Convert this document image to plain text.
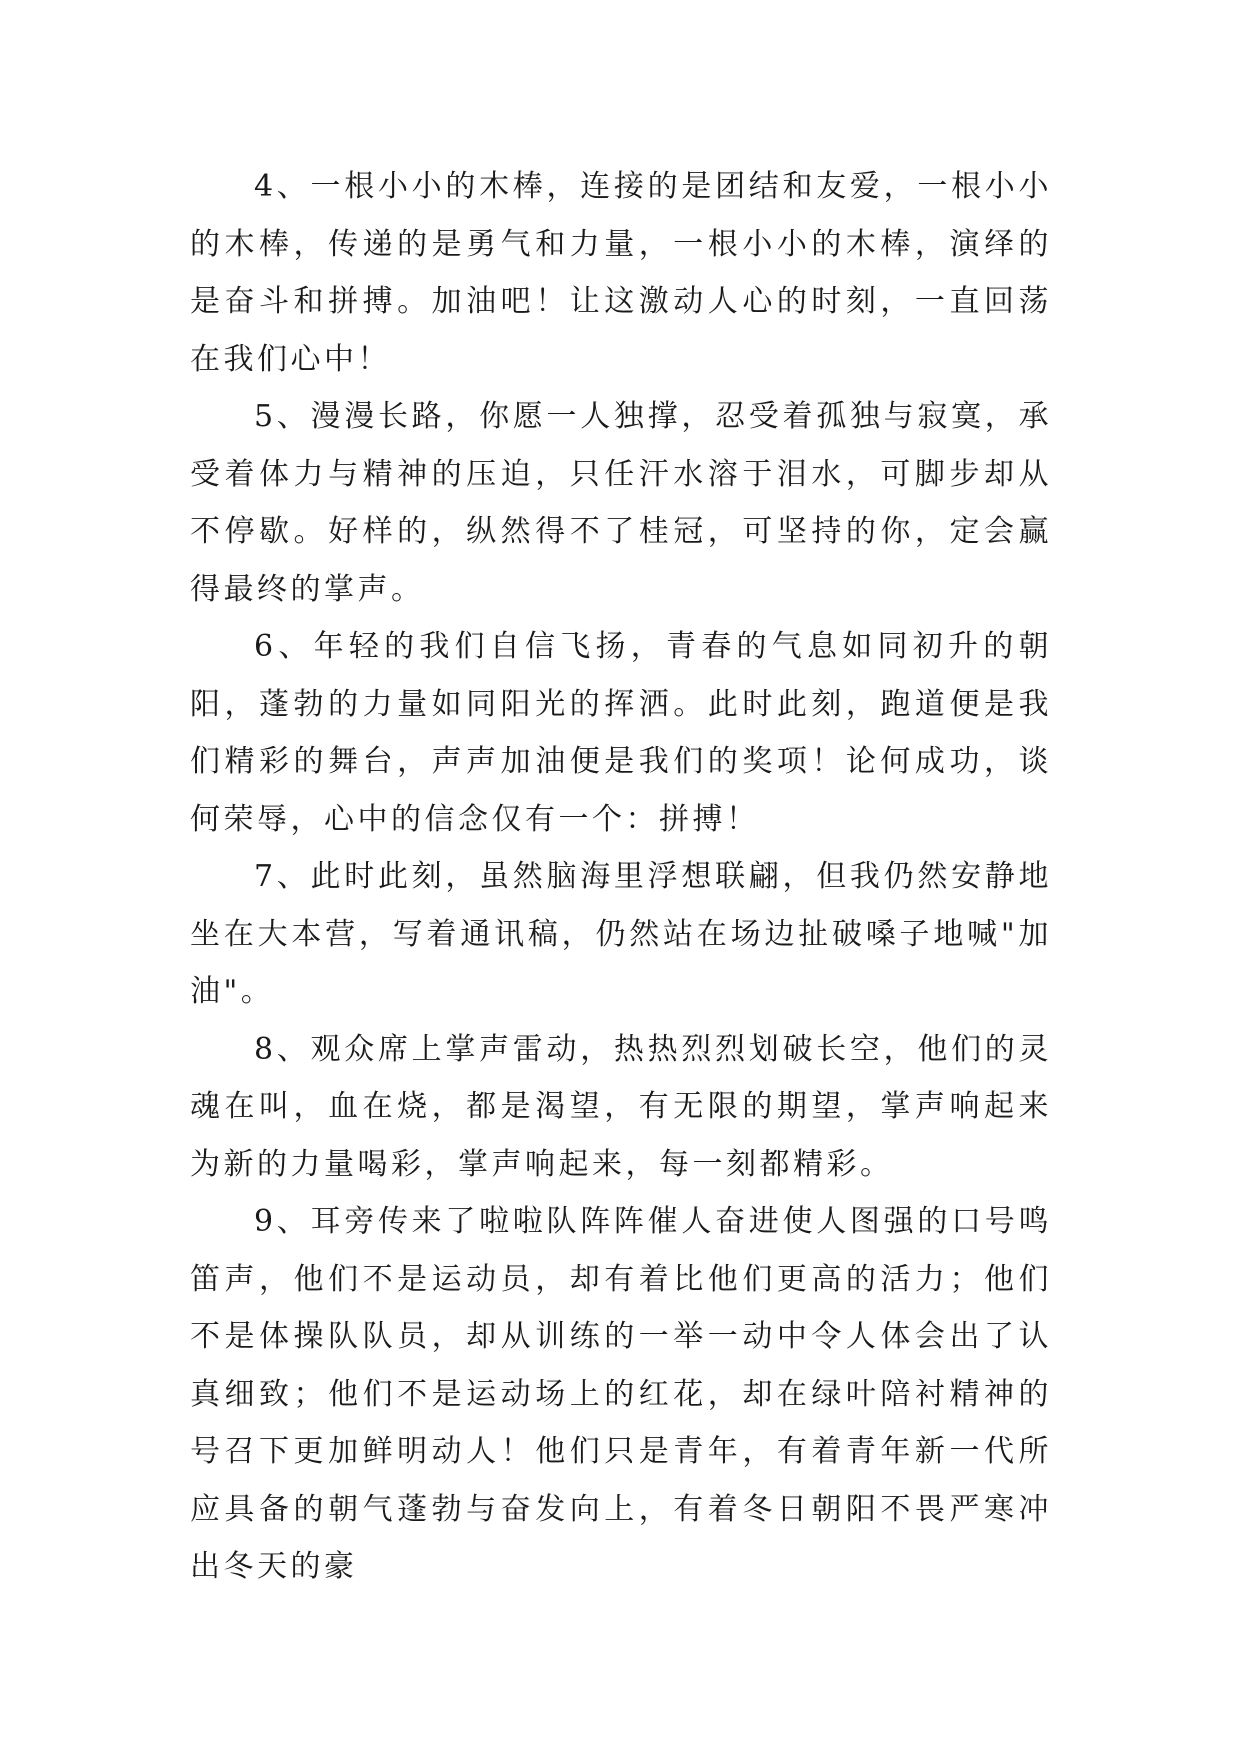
4、一根小小的木棒，连接的是团结和友爱，一根小小的木棒，传递的是勇气和力量，一根小小的木棒，演绎的是奋斗和拼搏。加油吧！让这激动人心的时刻，一直回荡在我们心中！

5、漫漫长路，你愿一人独撑，忍受着孤独与寂寞，承受着体力与精神的压迫，只任汗水溶于泪水，可脚步却从不停歇。好样的，纵然得不了桂冠，可坚持的你，定会赢得最终的掌声。

6、年轻的我们自信飞扬，青春的气息如同初升的朝阳，蓬勃的力量如同阳光的挥洒。此时此刻，跑道便是我们精彩的舞台，声声加油便是我们的奖项！论何成功，谈何荣辱，心中的信念仅有一个：拼搏！

7、此时此刻，虽然脑海里浮想联翩，但我仍然安静地坐在大本营，写着通讯稿，仍然站在场边扯破嗓子地喊"加油"。

8、观众席上掌声雷动，热热烈烈划破长空，他们的灵魂在叫，血在烧，都是渴望，有无限的期望，掌声响起来为新的力量喝彩，掌声响起来，每一刻都精彩。

9、耳旁传来了啦啦队阵阵催人奋进使人图强的口号鸣笛声，他们不是运动员，却有着比他们更高的活力；他们不是体操队队员，却从训练的一举一动中令人体会出了认真细致；他们不是运动场上的红花，却在绿叶陪衬精神的号召下更加鲜明动人！他们只是青年，有着青年新一代所应具备的朝气蓬勃与奋发向上，有着冬日朝阳不畏严寒冲出冬天的豪
